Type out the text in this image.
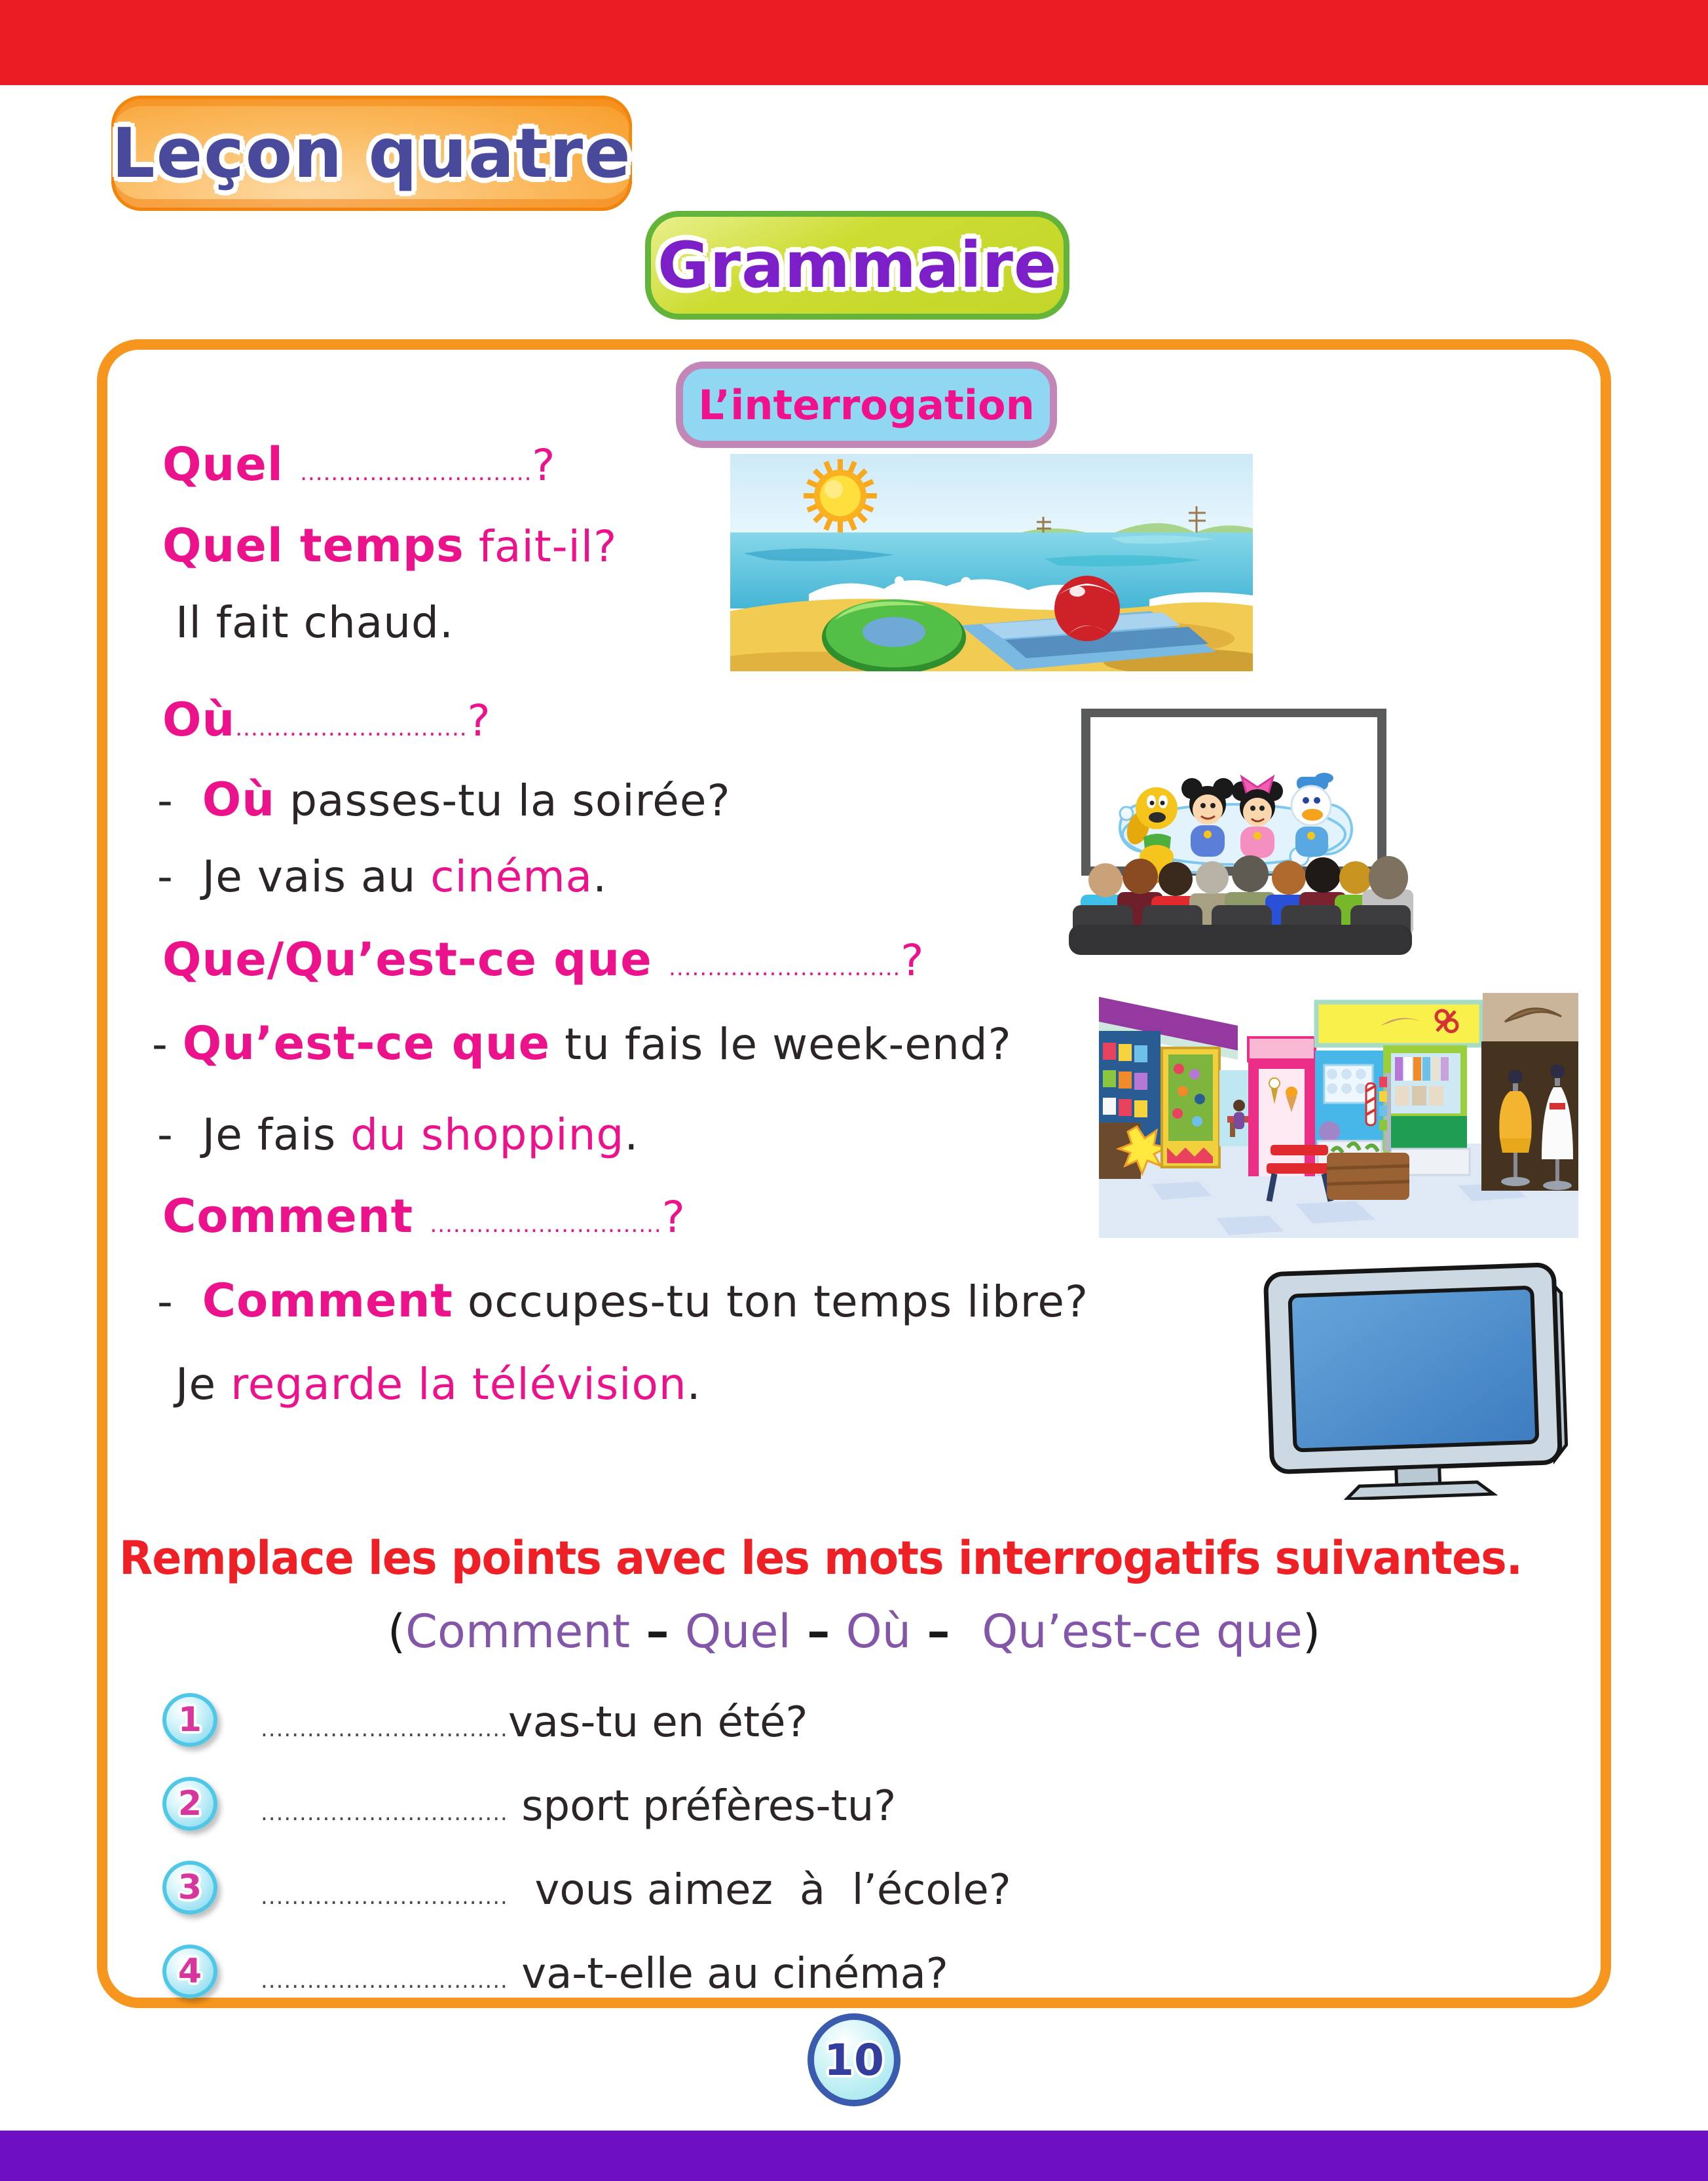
Leçon quatre
Grammaire
L’interrogation
Quel ..............................?
Quel temps fait-il?
Il fait chaud.
Où..............................?
-  Où passes-tu la soirée?
-  Je vais au cinéma.
Que/Qu’est-ce que ..............................?
- Qu’est-ce que tu fais le week-end?
-  Je fais du shopping.
Comment ..............................?
-  Comment occupes-tu ton temps libre?
Je regarde la télévision.
Remplace les points avec les mots interrogatifs suivantes.
(Comment – Quel – Où –  Qu’est-ce que)
1	................................vas-tu en été?
2	................................ sport préfères-tu?
3	................................  vous aimez  à  l’école?
4	................................ va-t-elle au cinéma?
10
